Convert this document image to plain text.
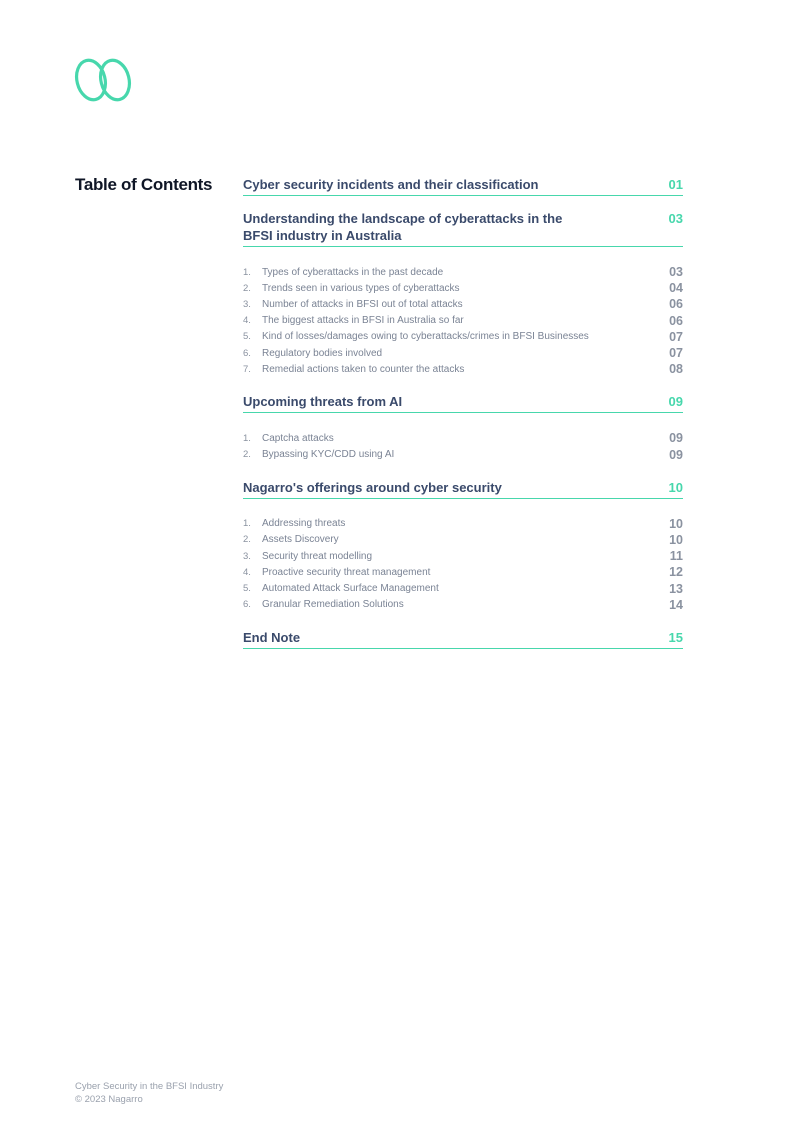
Table of Contents Cyber security incidents and their classification	01
Understanding the landscape of cyberattacks in the BFSI industry in Australia
03
1.	Types of cyberattacks in the past decade	03
2.	Trends seen in various types of cyberattacks	04
3.	Number of attacks in BFSI out of total attacks	06
4.	The biggest attacks in BFSI in Australia so far	06
5.	Kind of losses/damages owing to cyberattacks/crimes in BFSI Businesses	07
6.	Regulatory bodies involved	07
7.	Remedial actions taken to counter the attacks	08
Upcoming threats from AI	09
1.	Captcha attacks	09
2.	Bypassing KYC/CDD using AI	09
Nagarro's offerings around cyber security	10
1.	Addressing threats	10
2.	Assets Discovery	10
3.	Security threat modelling	11
4.	Proactive security threat management	12
5.	Automated Attack Surface Management	13
6.	Granular Remediation Solutions	14
End Note	15
Cyber Security in the BFSI Industry
© 2023 Nagarro
